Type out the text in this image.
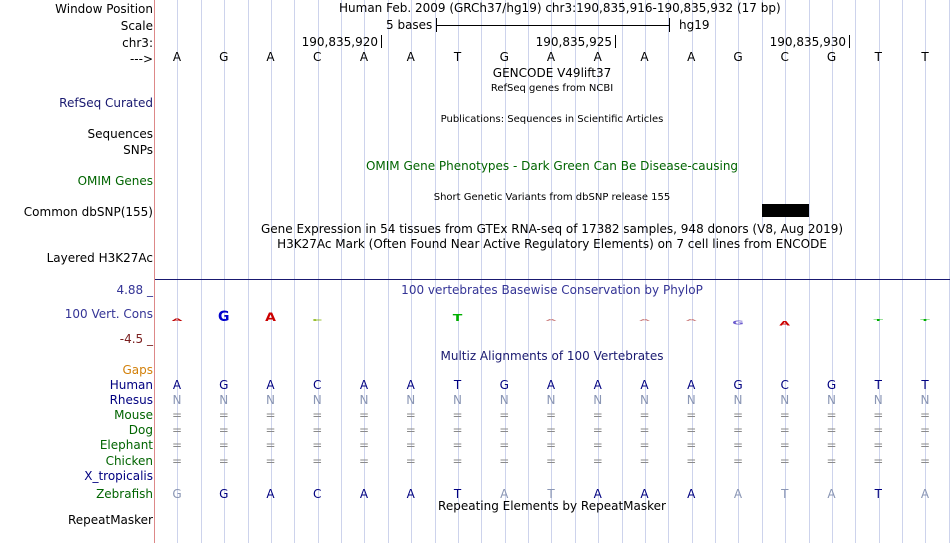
Window Position
Scale
chr3:
--->
Human Feb. 2009 (GRCh37/hg19) chr3:190,835,916-190,835,932 (17 bp)
5 bases	hg19
190,835,920	190,835,925	190,835,930
A	G	A	C	A	A	T	G	A	A	A	A	G	C	G	T	T
GENCODE V49lift37
RefSeq genes from NCBI
RefSeq Curated
Publications: Sequences in Scientific Articles
Sequences
SNPs
OMIM Gene Phenotypes - Dark Green Can Be Disease-causing
OMIM Genes
Short Genetic Variants from dbSNP release 155
Common dbSNP(155)
Gene Expression in 54 tissues from GTEx RNA-seq of 17382 samples, 948 donors (V8, Aug 2019)
H3K27Ac Mark (Often Found Near Active Regulatory Elements) on 7 cell lines from ENCODE
Layered H3K27Ac
100 vertebrates Basewise Conservation by PhyloP
4.88 _
100 Vert. Cons
-4.5 _
A	G	A	C	T	A	A	A	G	A	T	T
Multiz Alignments of 100 Vertebrates
Gaps
Human	A	G	A	C	A	A	T	G	A	A	A	A	G	C	G	T	T
Rhesus	N	N	N	N	N	N	N	N	N	N	N	N	N	N	N	N	N
Mouse	=	=	=	=	=	=	=	=	=	=	=	=	=	=	=	=	=
Dog	=	=	=	=	=	=	=	=	=	=	=	=	=	=	=	=	=
Elephant	=	=	=	=	=	=	=	=	=	=	=	=	=	=	=	=	=
Chicken	=	=	=	=	=	=	=	=	=	=	=	=	=	=	=	=	=
X_tropicalis
Zebrafish	G	G	A	C	A	A	T	A	T	A	A	A	A	T	A	T	A
Repeating Elements by RepeatMasker
RepeatMasker
